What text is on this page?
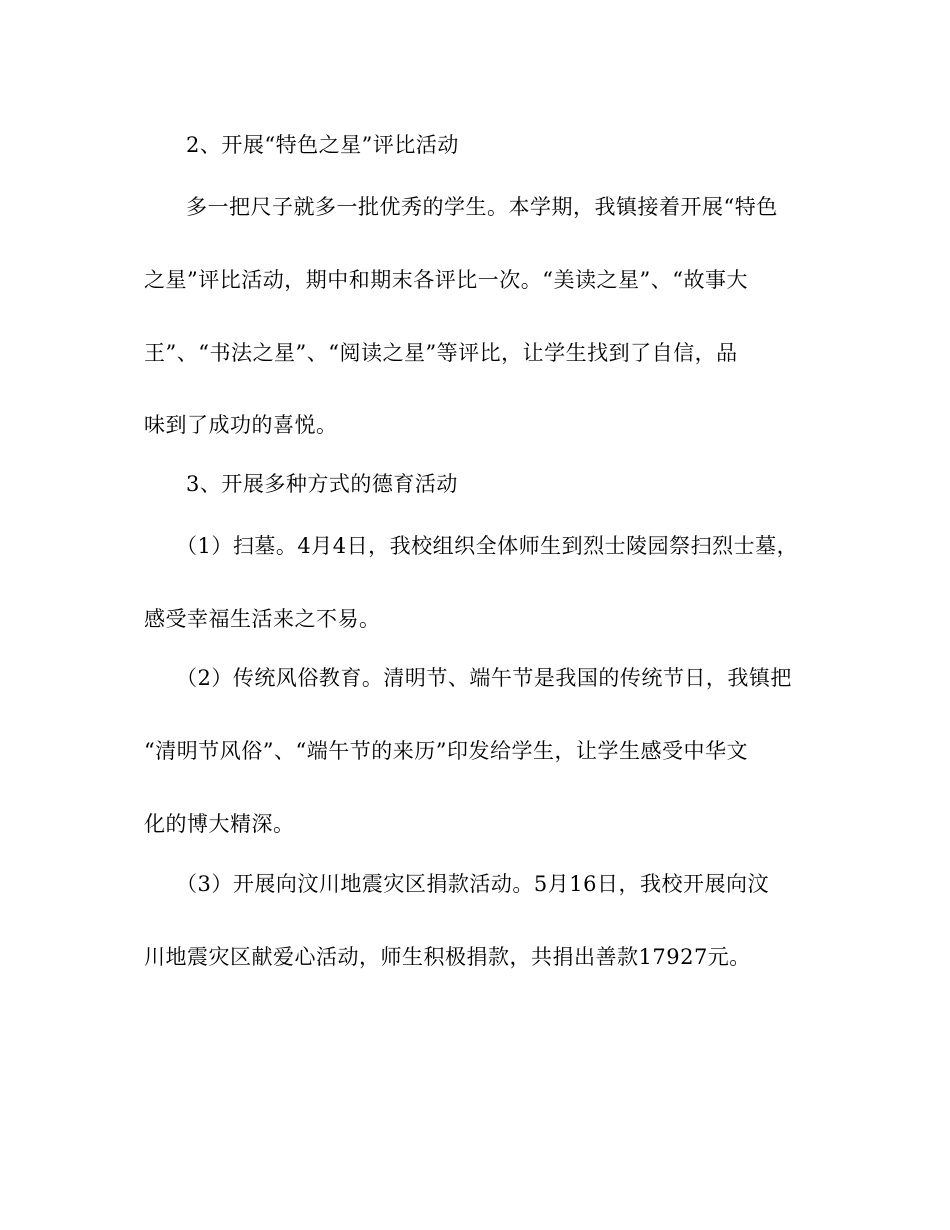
2、开展“特色之星”评比活动
多一把尺子就多一批优秀的学生。本学期，我镇接着开展“特色
之星”评比活动，期中和期末各评比一次。“美读之星”、“故事大
王”、“书法之星”、“阅读之星”等评比，让学生找到了自信，品
味到了成功的喜悦。
3、开展多种方式的德育活动
（1）扫墓。4月4日，我校组织全体师生到烈士陵园祭扫烈士墓，
感受幸福生活来之不易。
（2）传统风俗教育。清明节、端午节是我国的传统节日，我镇把
“清明节风俗”、“端午节的来历”印发给学生，让学生感受中华文
化的博大精深。
（3）开展向汶川地震灾区捐款活动。5月16日，我校开展向汶
川地震灾区献爱心活动，师生积极捐款，共捐出善款17927元。
